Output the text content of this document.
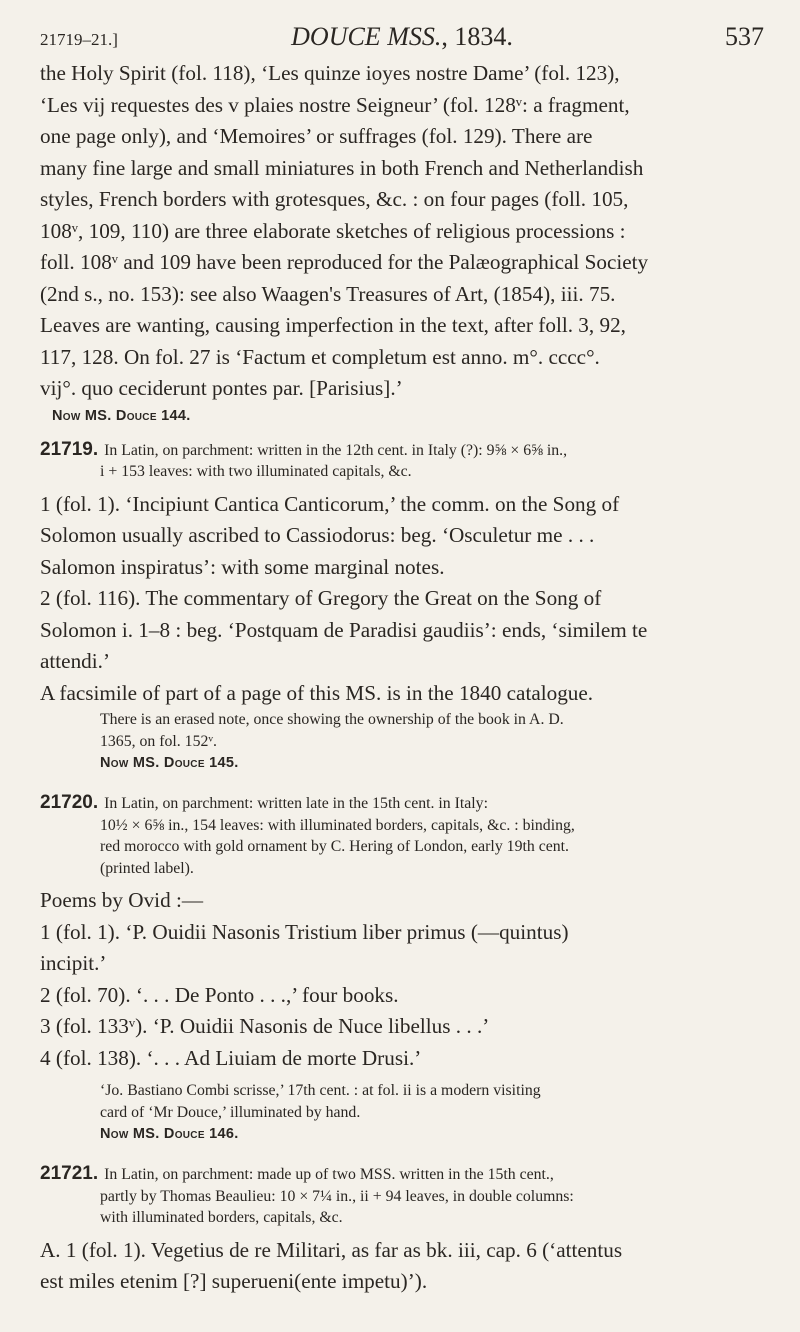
21719–21.]	DOUCE MSS., 1834.	537
the Holy Spirit (fol. 118), ‘Les quinze ioyes nostre Dame’ (fol. 123),
‘Les vij requestes des v plaies nostre Seigneur’ (fol. 128ᵛ: a fragment,
one page only), and ‘Memoires’ or suffrages (fol. 129). There are
many fine large and small miniatures in both French and Netherlandish
styles, French borders with grotesques, &c. : on four pages (foll. 105,
108ᵛ, 109, 110) are three elaborate sketches of religious processions :
foll. 108ᵛ and 109 have been reproduced for the Palæographical Society
(2nd s., no. 153): see also Waagen's Treasures of Art, (1854), iii. 75.
Leaves are wanting, causing imperfection in the text, after foll. 3, 92,
117, 128. On fol. 27 is ‘Factum et completum est anno. m°. cccc°.
vij°. quo ceciderunt pontes par. [Parisius].’
Now MS. Douce 144.
21719. In Latin, on parchment: written in the 12th cent. in Italy (?): 9⅝ × 6⅝ in.,
i + 153 leaves: with two illuminated capitals, &c.
1 (fol. 1). ‘Incipiunt Cantica Canticorum,’ the comm. on the Song of
Solomon usually ascribed to Cassiodorus: beg. ‘Osculetur me . . .
Salomon inspiratus’: with some marginal notes.
2 (fol. 116). The commentary of Gregory the Great on the Song of
Solomon i. 1–8 : beg. ‘Postquam de Paradisi gaudiis’: ends, ‘similem te
attendi.’
A facsimile of part of a page of this MS. is in the 1840 catalogue.
There is an erased note, once showing the ownership of the book in A. D.
1365, on fol. 152ᵛ.
Now MS. Douce 145.
21720. In Latin, on parchment: written late in the 15th cent. in Italy:
10½ × 6⅝ in., 154 leaves: with illuminated borders, capitals, &c. : binding,
red morocco with gold ornament by C. Hering of London, early 19th cent.
(printed label).
Poems by Ovid :—
1 (fol. 1). ‘P. Ouidii Nasonis Tristium liber primus (—quintus)
incipit.’
2 (fol. 70). ‘. . . De Ponto . . .,’ four books.
3 (fol. 133ᵛ). ‘P. Ouidii Nasonis de Nuce libellus . . .’
4 (fol. 138). ‘. . . Ad Liuiam de morte Drusi.’
‘Jo. Bastiano Combi scrisse,’ 17th cent. : at fol. ii is a modern visiting
card of ‘Mr Douce,’ illuminated by hand.
Now MS. Douce 146.
21721. In Latin, on parchment: made up of two MSS. written in the 15th cent.,
partly by Thomas Beaulieu: 10 × 7¼ in., ii + 94 leaves, in double columns:
with illuminated borders, capitals, &c.
A. 1 (fol. 1). Vegetius de re Militari, as far as bk. iii, cap. 6 (‘attentus
est miles etenim [?] superueni(ente impetu)’).
